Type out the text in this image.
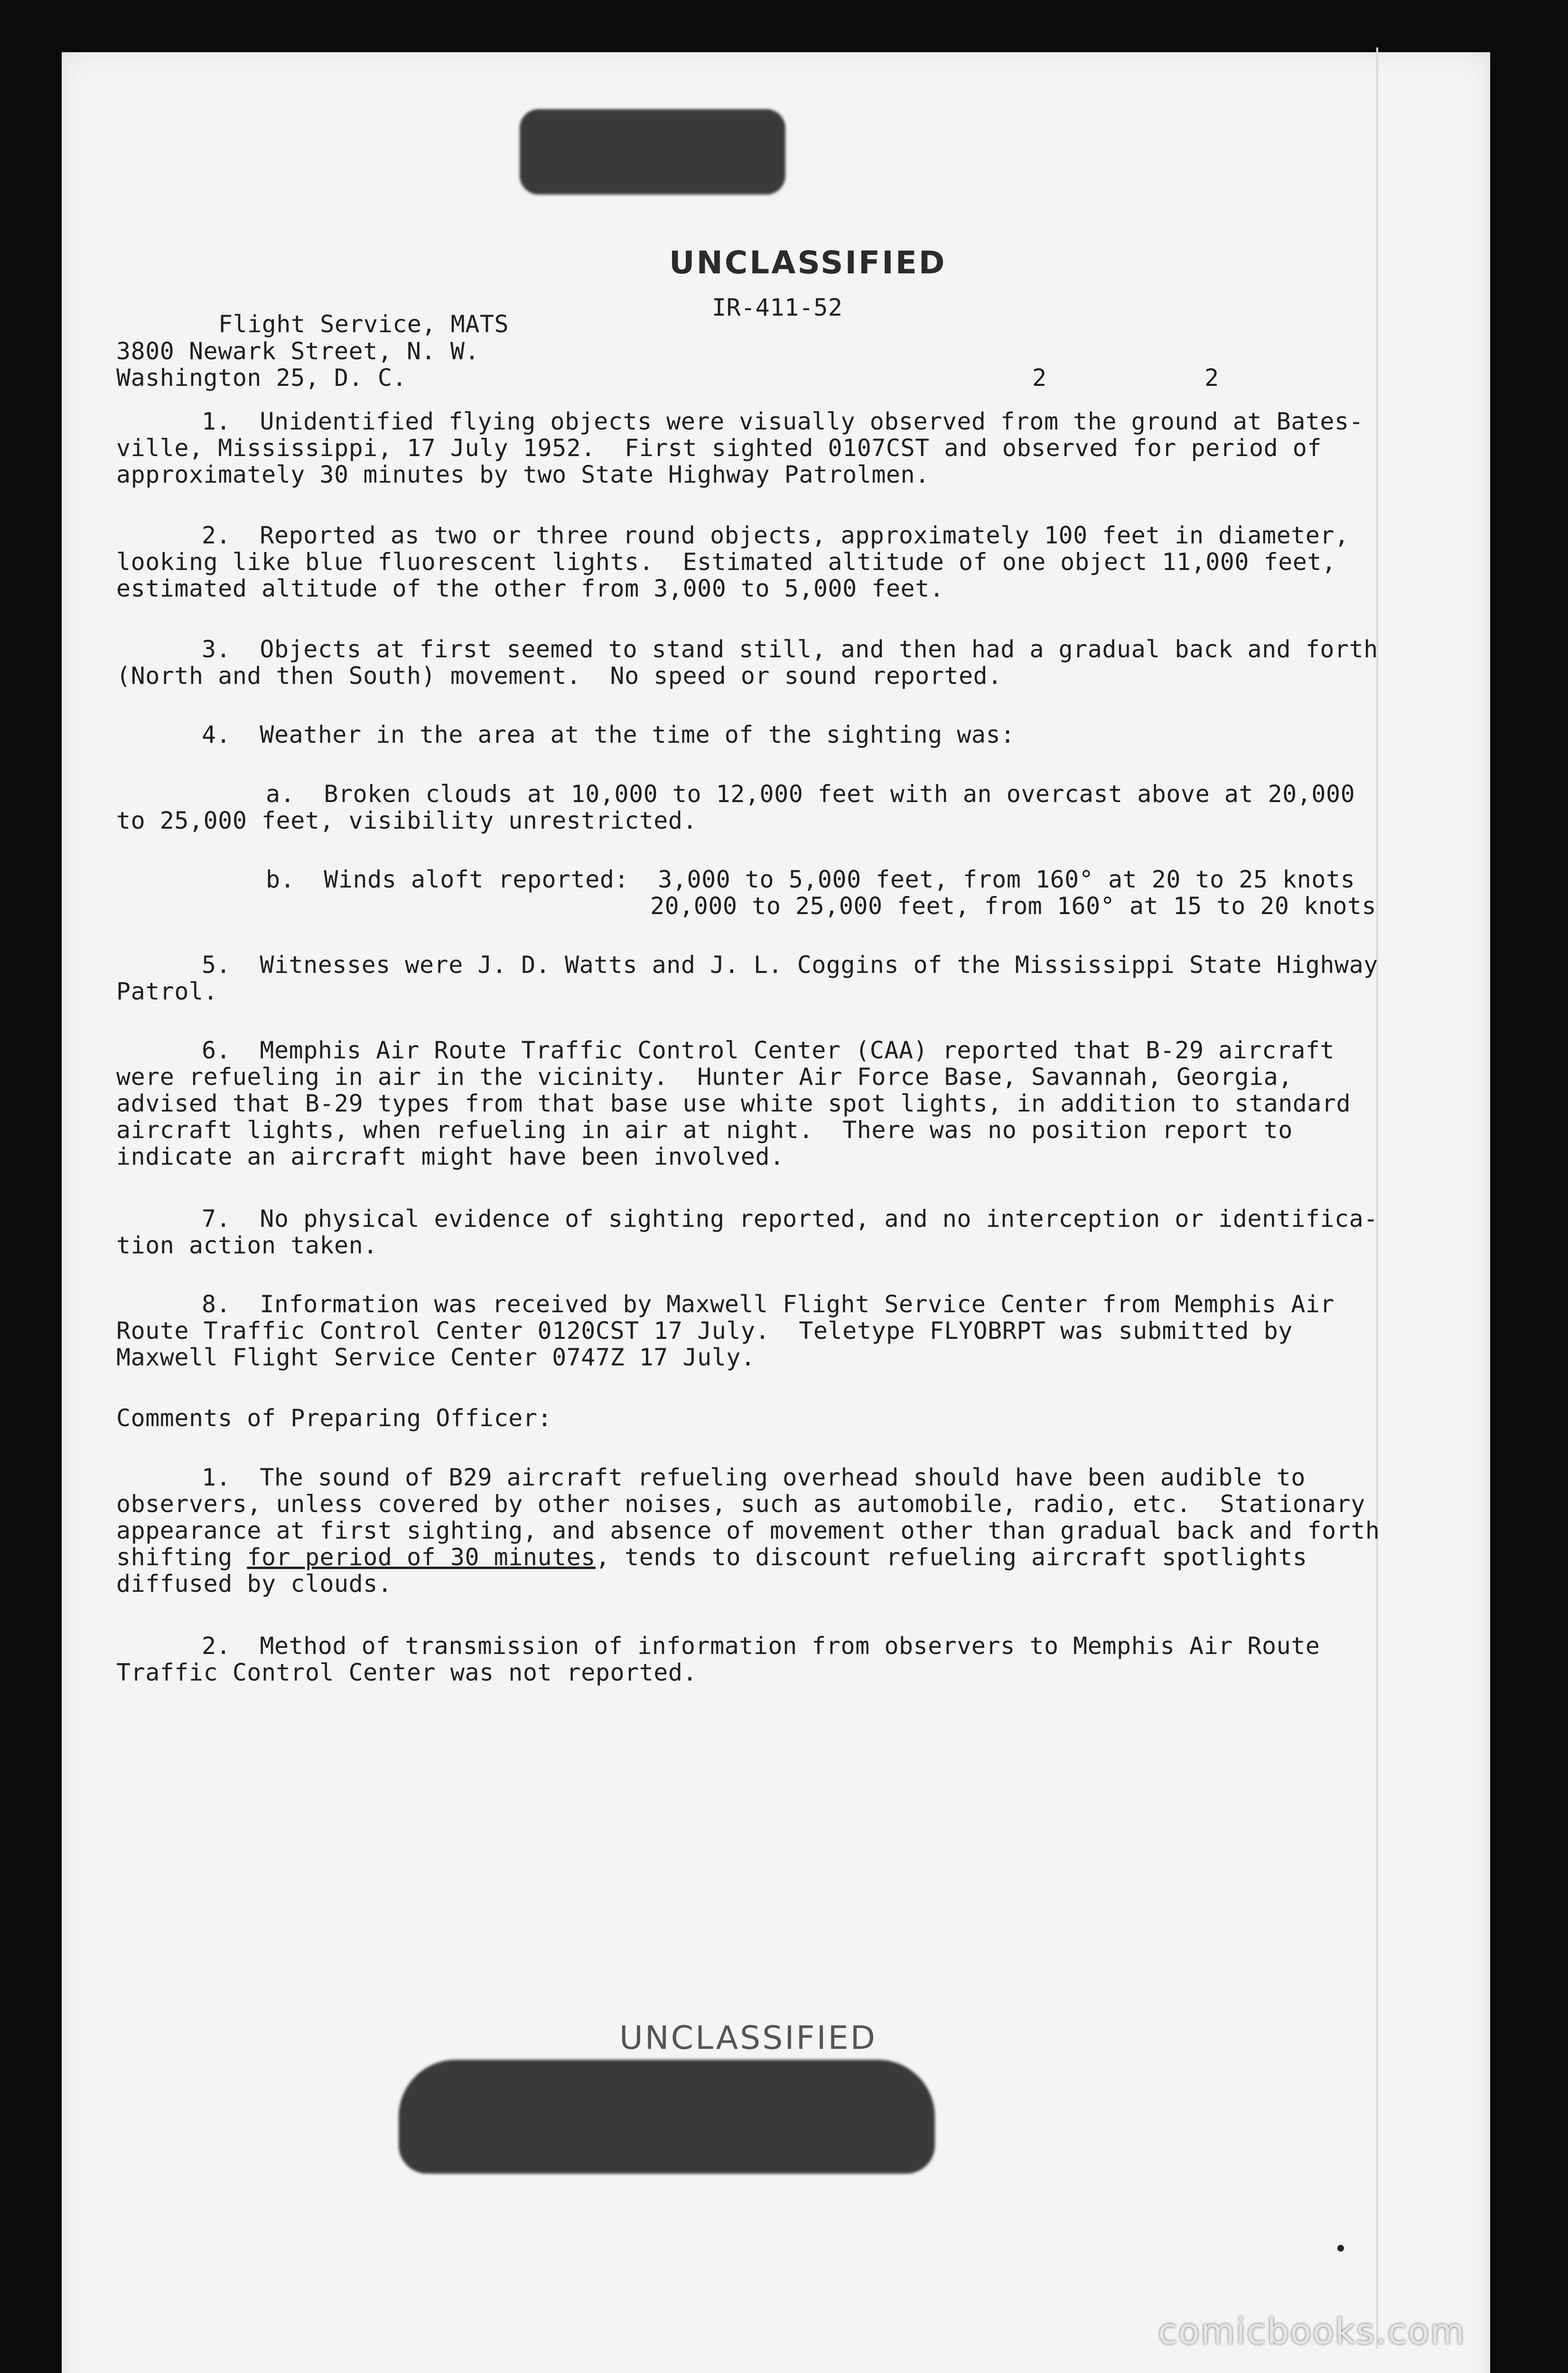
UNCLASSIFIED
IR-411-52
Flight Service, MATS
3800 Newark Street, N. W.
Washington 25, D. C.	2	2
1.  Unidentified flying objects were visually observed from the ground at Bates-
ville, Mississippi, 17 July 1952.  First sighted 0107CST and observed for period of
approximately 30 minutes by two State Highway Patrolmen.
2.  Reported as two or three round objects, approximately 100 feet in diameter,
looking like blue fluorescent lights.  Estimated altitude of one object 11,000 feet,
estimated altitude of the other from 3,000 to 5,000 feet.
3.  Objects at first seemed to stand still, and then had a gradual back and forth
(North and then South) movement.  No speed or sound reported.
4.  Weather in the area at the time of the sighting was:
a.  Broken clouds at 10,000 to 12,000 feet with an overcast above at 20,000
to 25,000 feet, visibility unrestricted.
b.  Winds aloft reported:  3,000 to 5,000 feet, from 160° at 20 to 25 knots
20,000 to 25,000 feet, from 160° at 15 to 20 knots
5.  Witnesses were J. D. Watts and J. L. Coggins of the Mississippi State Highway
Patrol.
6.  Memphis Air Route Traffic Control Center (CAA) reported that B-29 aircraft
were refueling in air in the vicinity.  Hunter Air Force Base, Savannah, Georgia,
advised that B-29 types from that base use white spot lights, in addition to standard
aircraft lights, when refueling in air at night.  There was no position report to
indicate an aircraft might have been involved.
7.  No physical evidence of sighting reported, and no interception or identifica-
tion action taken.
8.  Information was received by Maxwell Flight Service Center from Memphis Air
Route Traffic Control Center 0120CST 17 July.  Teletype FLYOBRPT was submitted by
Maxwell Flight Service Center 0747Z 17 July.
Comments of Preparing Officer:
1.  The sound of B29 aircraft refueling overhead should have been audible to
observers, unless covered by other noises, such as automobile, radio, etc.  Stationary
appearance at first sighting, and absence of movement other than gradual back and forth
shifting for period of 30 minutes, tends to discount refueling aircraft spotlights
diffused by clouds.
2.  Method of transmission of information from observers to Memphis Air Route
Traffic Control Center was not reported.
UNCLASSIFIED
comicbooks.com
